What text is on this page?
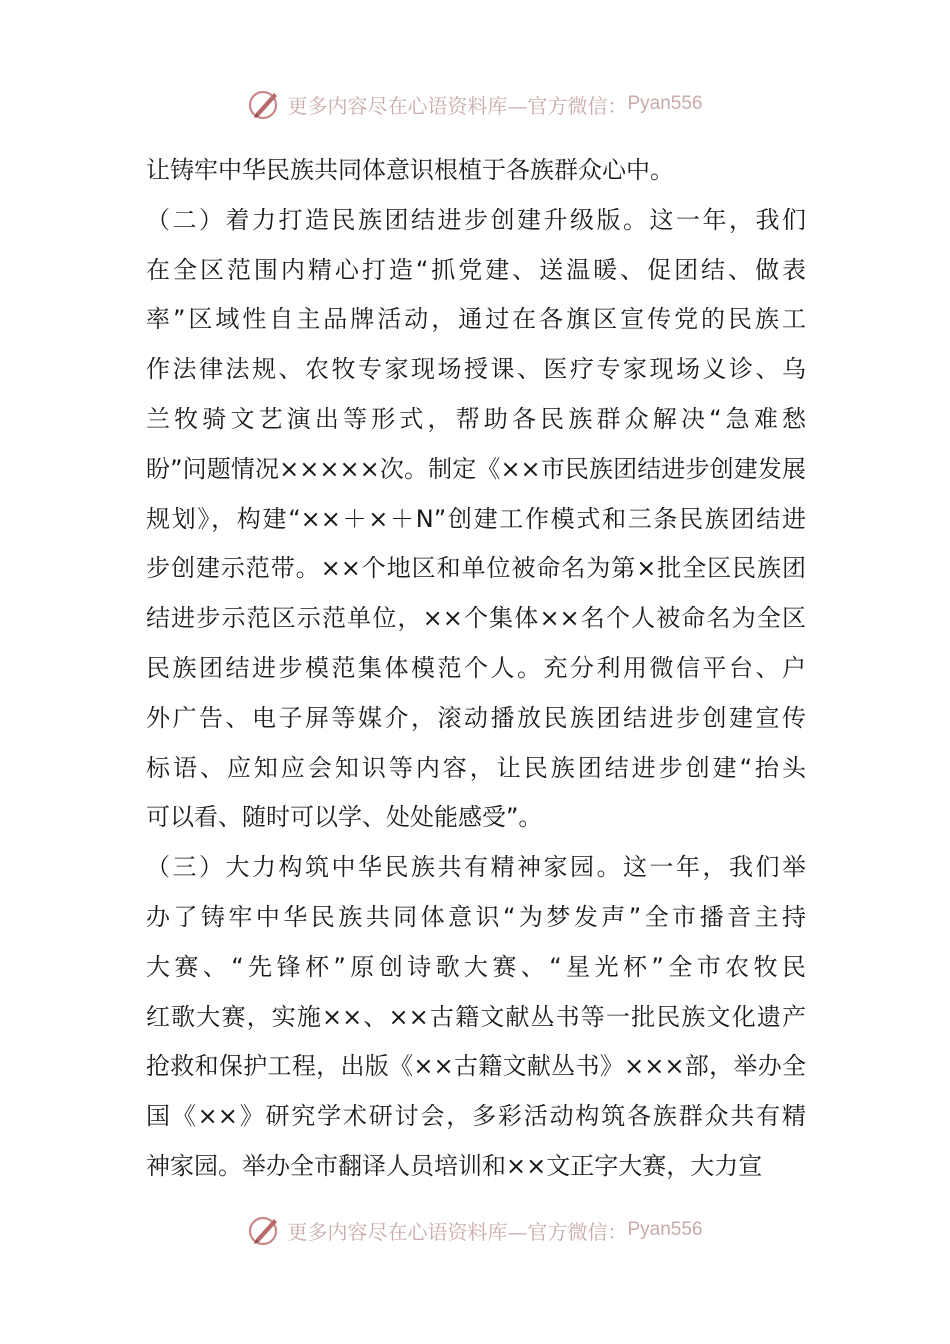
更多内容尽在心语资料库—官方微信： Pyan556
让铸牢中华民族共同体意识根植于各族群众心中。
（二）着力打造民族团结进步创建升级版。这一年，我们
在全区范围内精心打造“抓党建、送温暖、促团结、做表
率”区域性自主品牌活动，通过在各旗区宣传党的民族工
作法律法规、农牧专家现场授课、医疗专家现场义诊、乌
兰牧骑文艺演出等形式，帮助各民族群众解决“急难愁
盼”问题情况×××××次。制定《××市民族团结进步创建发展
规划》，构建“××＋×＋N”创建工作模式和三条民族团结进
步创建示范带。××个地区和单位被命名为第×批全区民族团
结进步示范区示范单位，××个集体××名个人被命名为全区
民族团结进步模范集体模范个人。充分利用微信平台、户
外广告、电子屏等媒介，滚动播放民族团结进步创建宣传
标语、应知应会知识等内容，让民族团结进步创建“抬头
可以看、随时可以学、处处能感受”。
（三）大力构筑中华民族共有精神家园。这一年，我们举
办了铸牢中华民族共同体意识“为梦发声”全市播音主持
大赛、“先锋杯”原创诗歌大赛、“星光杯”全市农牧民
红歌大赛，实施××、××古籍文献丛书等一批民族文化遗产
抢救和保护工程，出版《××古籍文献丛书》×××部，举办全
国《××》研究学术研讨会，多彩活动构筑各族群众共有精
神家园。举办全市翻译人员培训和××文正字大赛，大力宣
更多内容尽在心语资料库—官方微信： Pyan556
